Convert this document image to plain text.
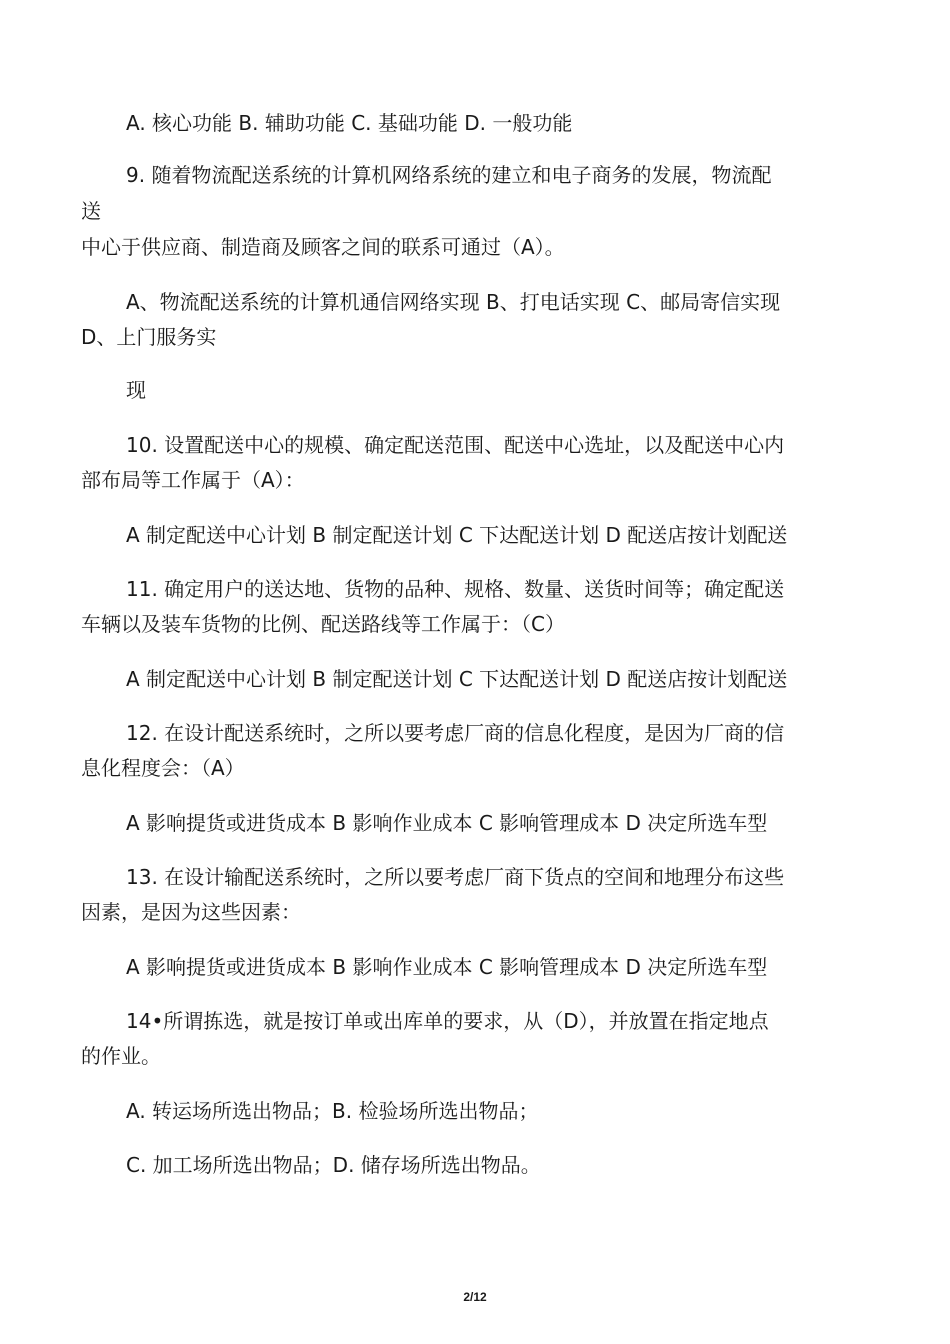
A. 核心功能 B. 辅助功能 C. 基础功能 D. 一般功能

9. 随着物流配送系统的计算机网络系统的建立和电子商务的发展，物流配

送

中心于供应商、制造商及顾客之间的联系可通过（A）。

A、物流配送系统的计算机通信网络实现 B、打电话实现 C、邮局寄信实现

D、上门服务实

现

10. 设置配送中心的规模、确定配送范围、配送中心选址，以及配送中心内

部布局等工作属于（A）：

A 制定配送中心计划 B 制定配送计划 C 下达配送计划 D 配送店按计划配送

11. 确定用户的送达地、货物的品种、规格、数量、送货时间等；确定配送

车辆以及装车货物的比例、配送路线等工作属于：（C）

A 制定配送中心计划 B 制定配送计划 C 下达配送计划 D 配送店按计划配送

12. 在设计配送系统时，之所以要考虑厂商的信息化程度，是因为厂商的信

息化程度会：（A）

A 影响提货或进货成本 B 影响作业成本 C 影响管理成本 D 决定所选车型

13. 在设计输配送系统时，之所以要考虑厂商下货点的空间和地理分布这些

因素，是因为这些因素：

A 影响提货或进货成本 B 影响作业成本 C 影响管理成本 D 决定所选车型

14•所谓拣选，就是按订单或出库单的要求，从（D），并放置在指定地点

的作业。

A. 转运场所选出物品；B. 检验场所选出物品；

C. 加工场所选出物品；D. 储存场所选出物品。

2/12
